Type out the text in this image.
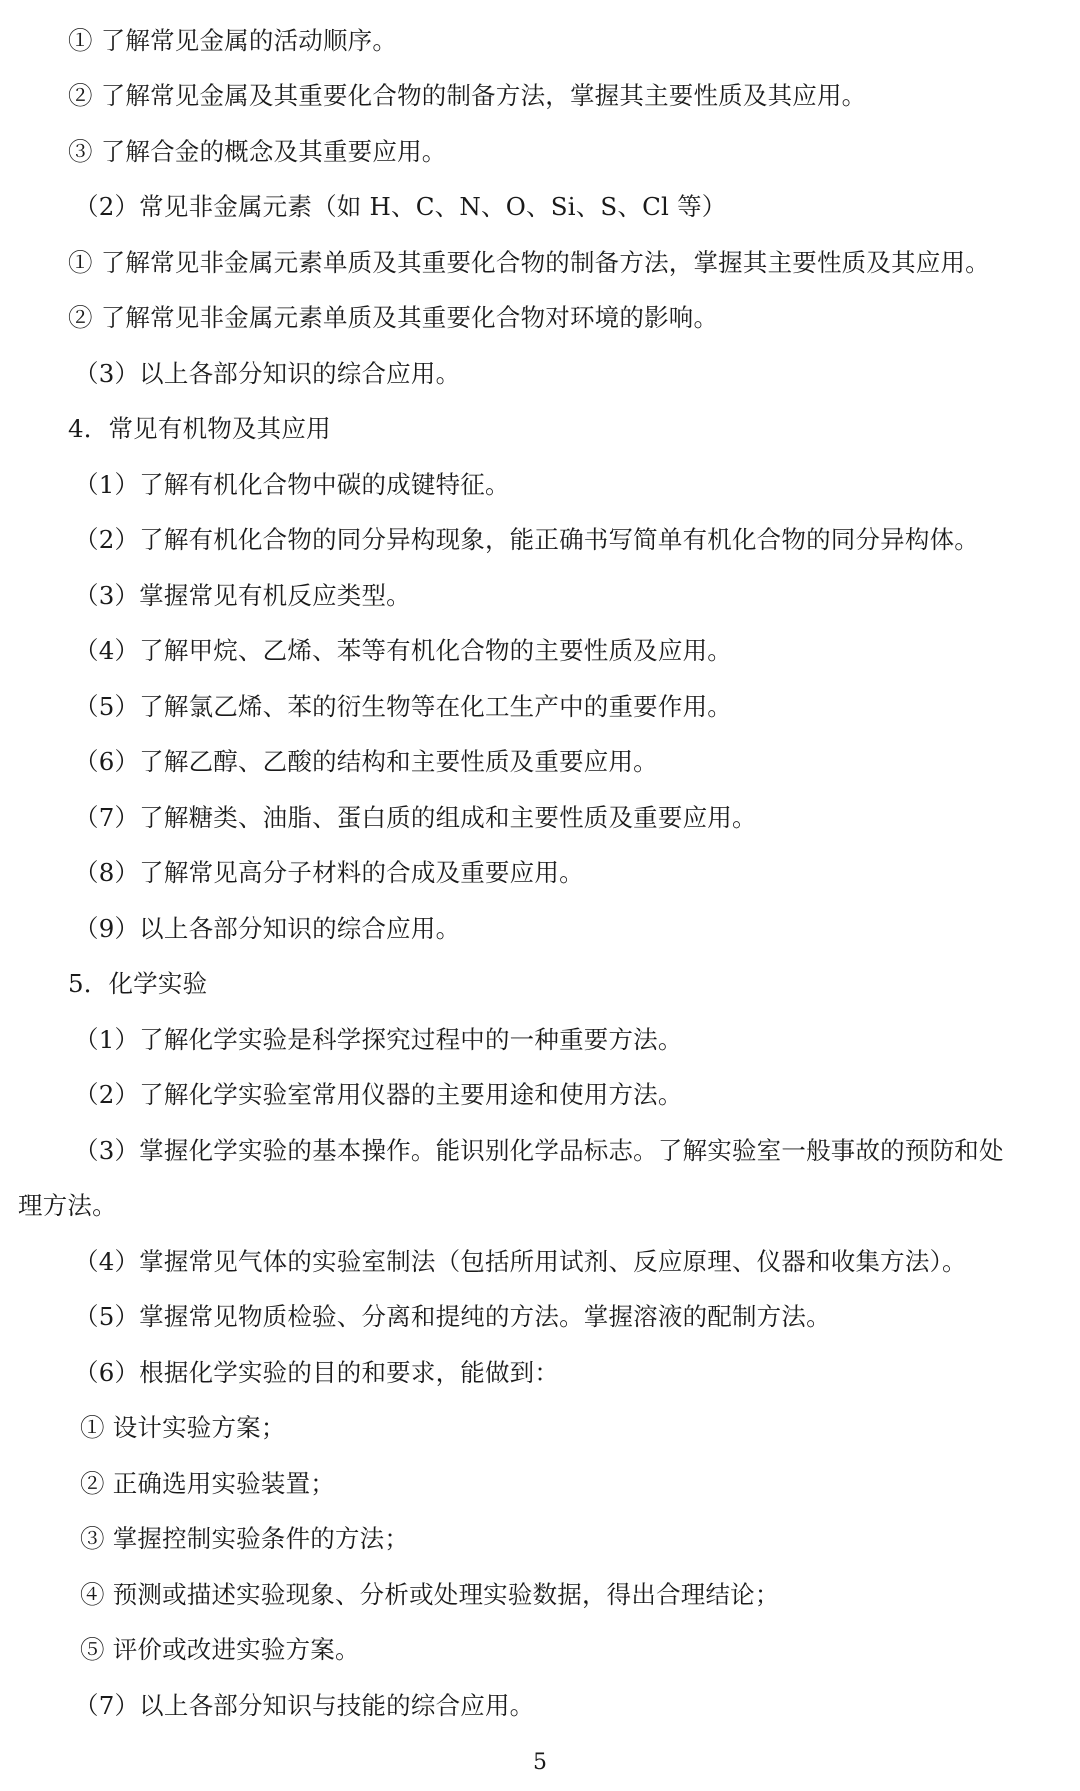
① 了解常见金属的活动顺序。
② 了解常见金属及其重要化合物的制备方法，掌握其主要性质及其应用。
③ 了解合金的概念及其重要应用。
（2）常见非金属元素（如 H、C、N、O、Si、S、Cl 等）
① 了解常见非金属元素单质及其重要化合物的制备方法，掌握其主要性质及其应用。
② 了解常见非金属元素单质及其重要化合物对环境的影响。
（3）以上各部分知识的综合应用。
4．常见有机物及其应用
（1）了解有机化合物中碳的成键特征。
（2）了解有机化合物的同分异构现象，能正确书写简单有机化合物的同分异构体。
（3）掌握常见有机反应类型。
（4）了解甲烷、乙烯、苯等有机化合物的主要性质及应用。
（5）了解氯乙烯、苯的衍生物等在化工生产中的重要作用。
（6）了解乙醇、乙酸的结构和主要性质及重要应用。
（7）了解糖类、油脂、蛋白质的组成和主要性质及重要应用。
（8）了解常见高分子材料的合成及重要应用。
（9）以上各部分知识的综合应用。
5．化学实验
（1）了解化学实验是科学探究过程中的一种重要方法。
（2）了解化学实验室常用仪器的主要用途和使用方法。
（3）掌握化学实验的基本操作。能识别化学品标志。了解实验室一般事故的预防和处
理方法。
（4）掌握常见气体的实验室制法（包括所用试剂、反应原理、仪器和收集方法）。
（5）掌握常见物质检验、分离和提纯的方法。掌握溶液的配制方法。
（6）根据化学实验的目的和要求，能做到：
① 设计实验方案；
② 正确选用实验装置；
③ 掌握控制实验条件的方法；
④ 预测或描述实验现象、分析或处理实验数据，得出合理结论；
⑤ 评价或改进实验方案。
（7）以上各部分知识与技能的综合应用。
5
